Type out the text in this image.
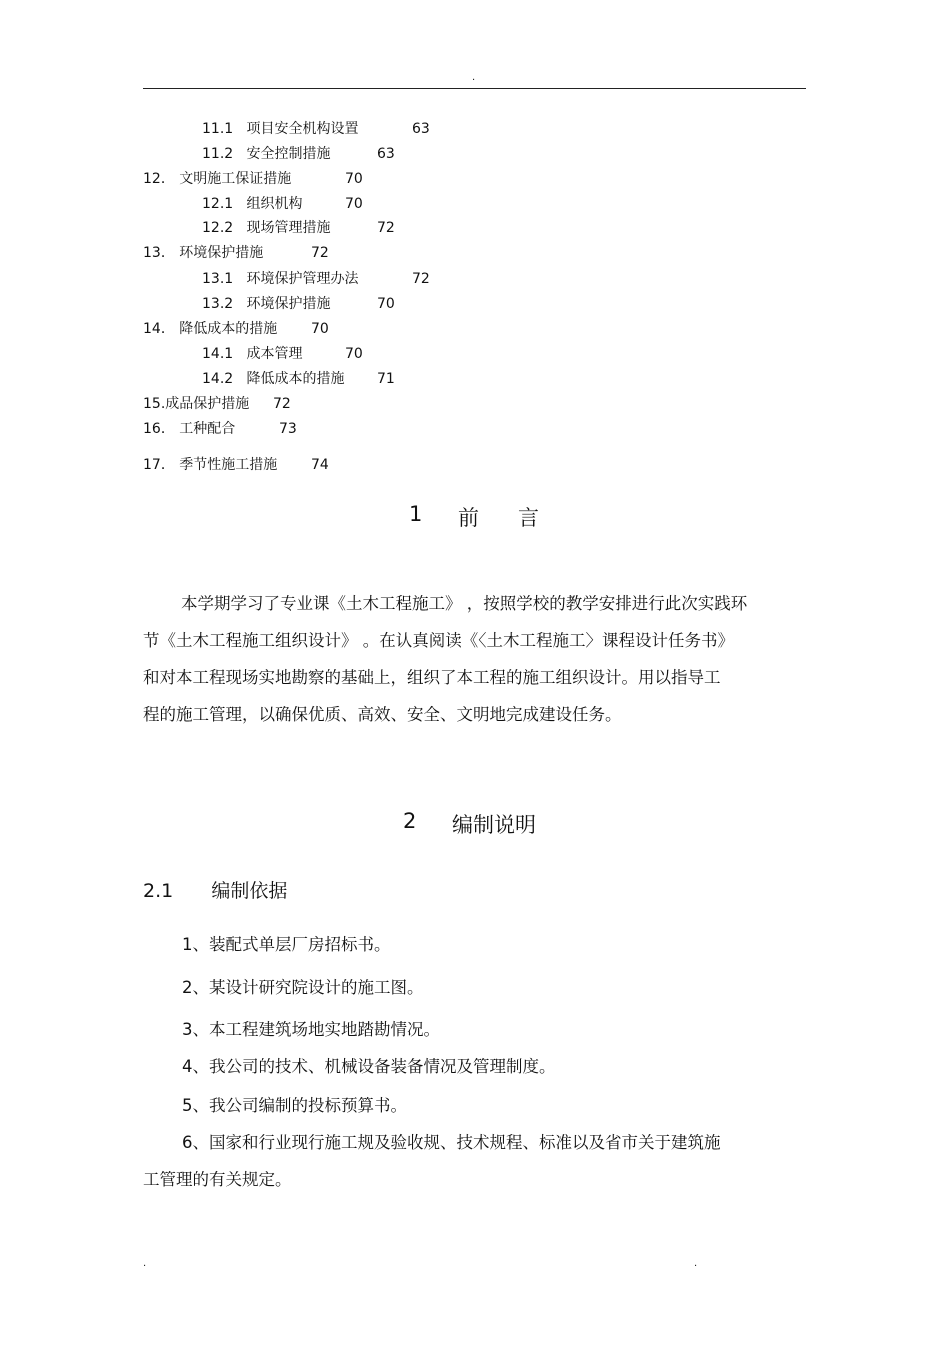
.
11.1 项目安全机构设置	63
11.2 安全控制措施	63
12． 文明施工保证措施	70
12.1 组织机构	70
12.2 现场管理措施	72
13． 环境保护措施	72
13.1 环境保护管理办法	72
13.2 环境保护措施	70
14． 降低成本的措施 70
14.1 成本管理	70
14.2 降低成本的措施 71
15.成品保护措施 72
16． 工种配合	73
17． 季节性施工措施 74
1 前 言
本学期学习了专业课《土木工程施工》 ，按照学校的教学安排进行此次实践环
节《土木工程施工组织设计》 。在认真阅读《〈土木工程施工〉课程设计任务书》
和对本工程现场实地勘察的基础上，组织了本工程的施工组织设计。用以指导工
程的施工管理，以确保优质、高效、安全、文明地完成建设任务。
2 编制说明
2.1 编制依据
1、装配式单层厂房招标书。
2、某设计研究院设计的施工图。
3、本工程建筑场地实地踏勘情况。
4、我公司的技术、机械设备装备情况及管理制度。
5、我公司编制的投标预算书。
6、国家和行业现行施工规及验收规、技术规程、标准以及省市关于建筑施
工管理的有关规定。
.	.
